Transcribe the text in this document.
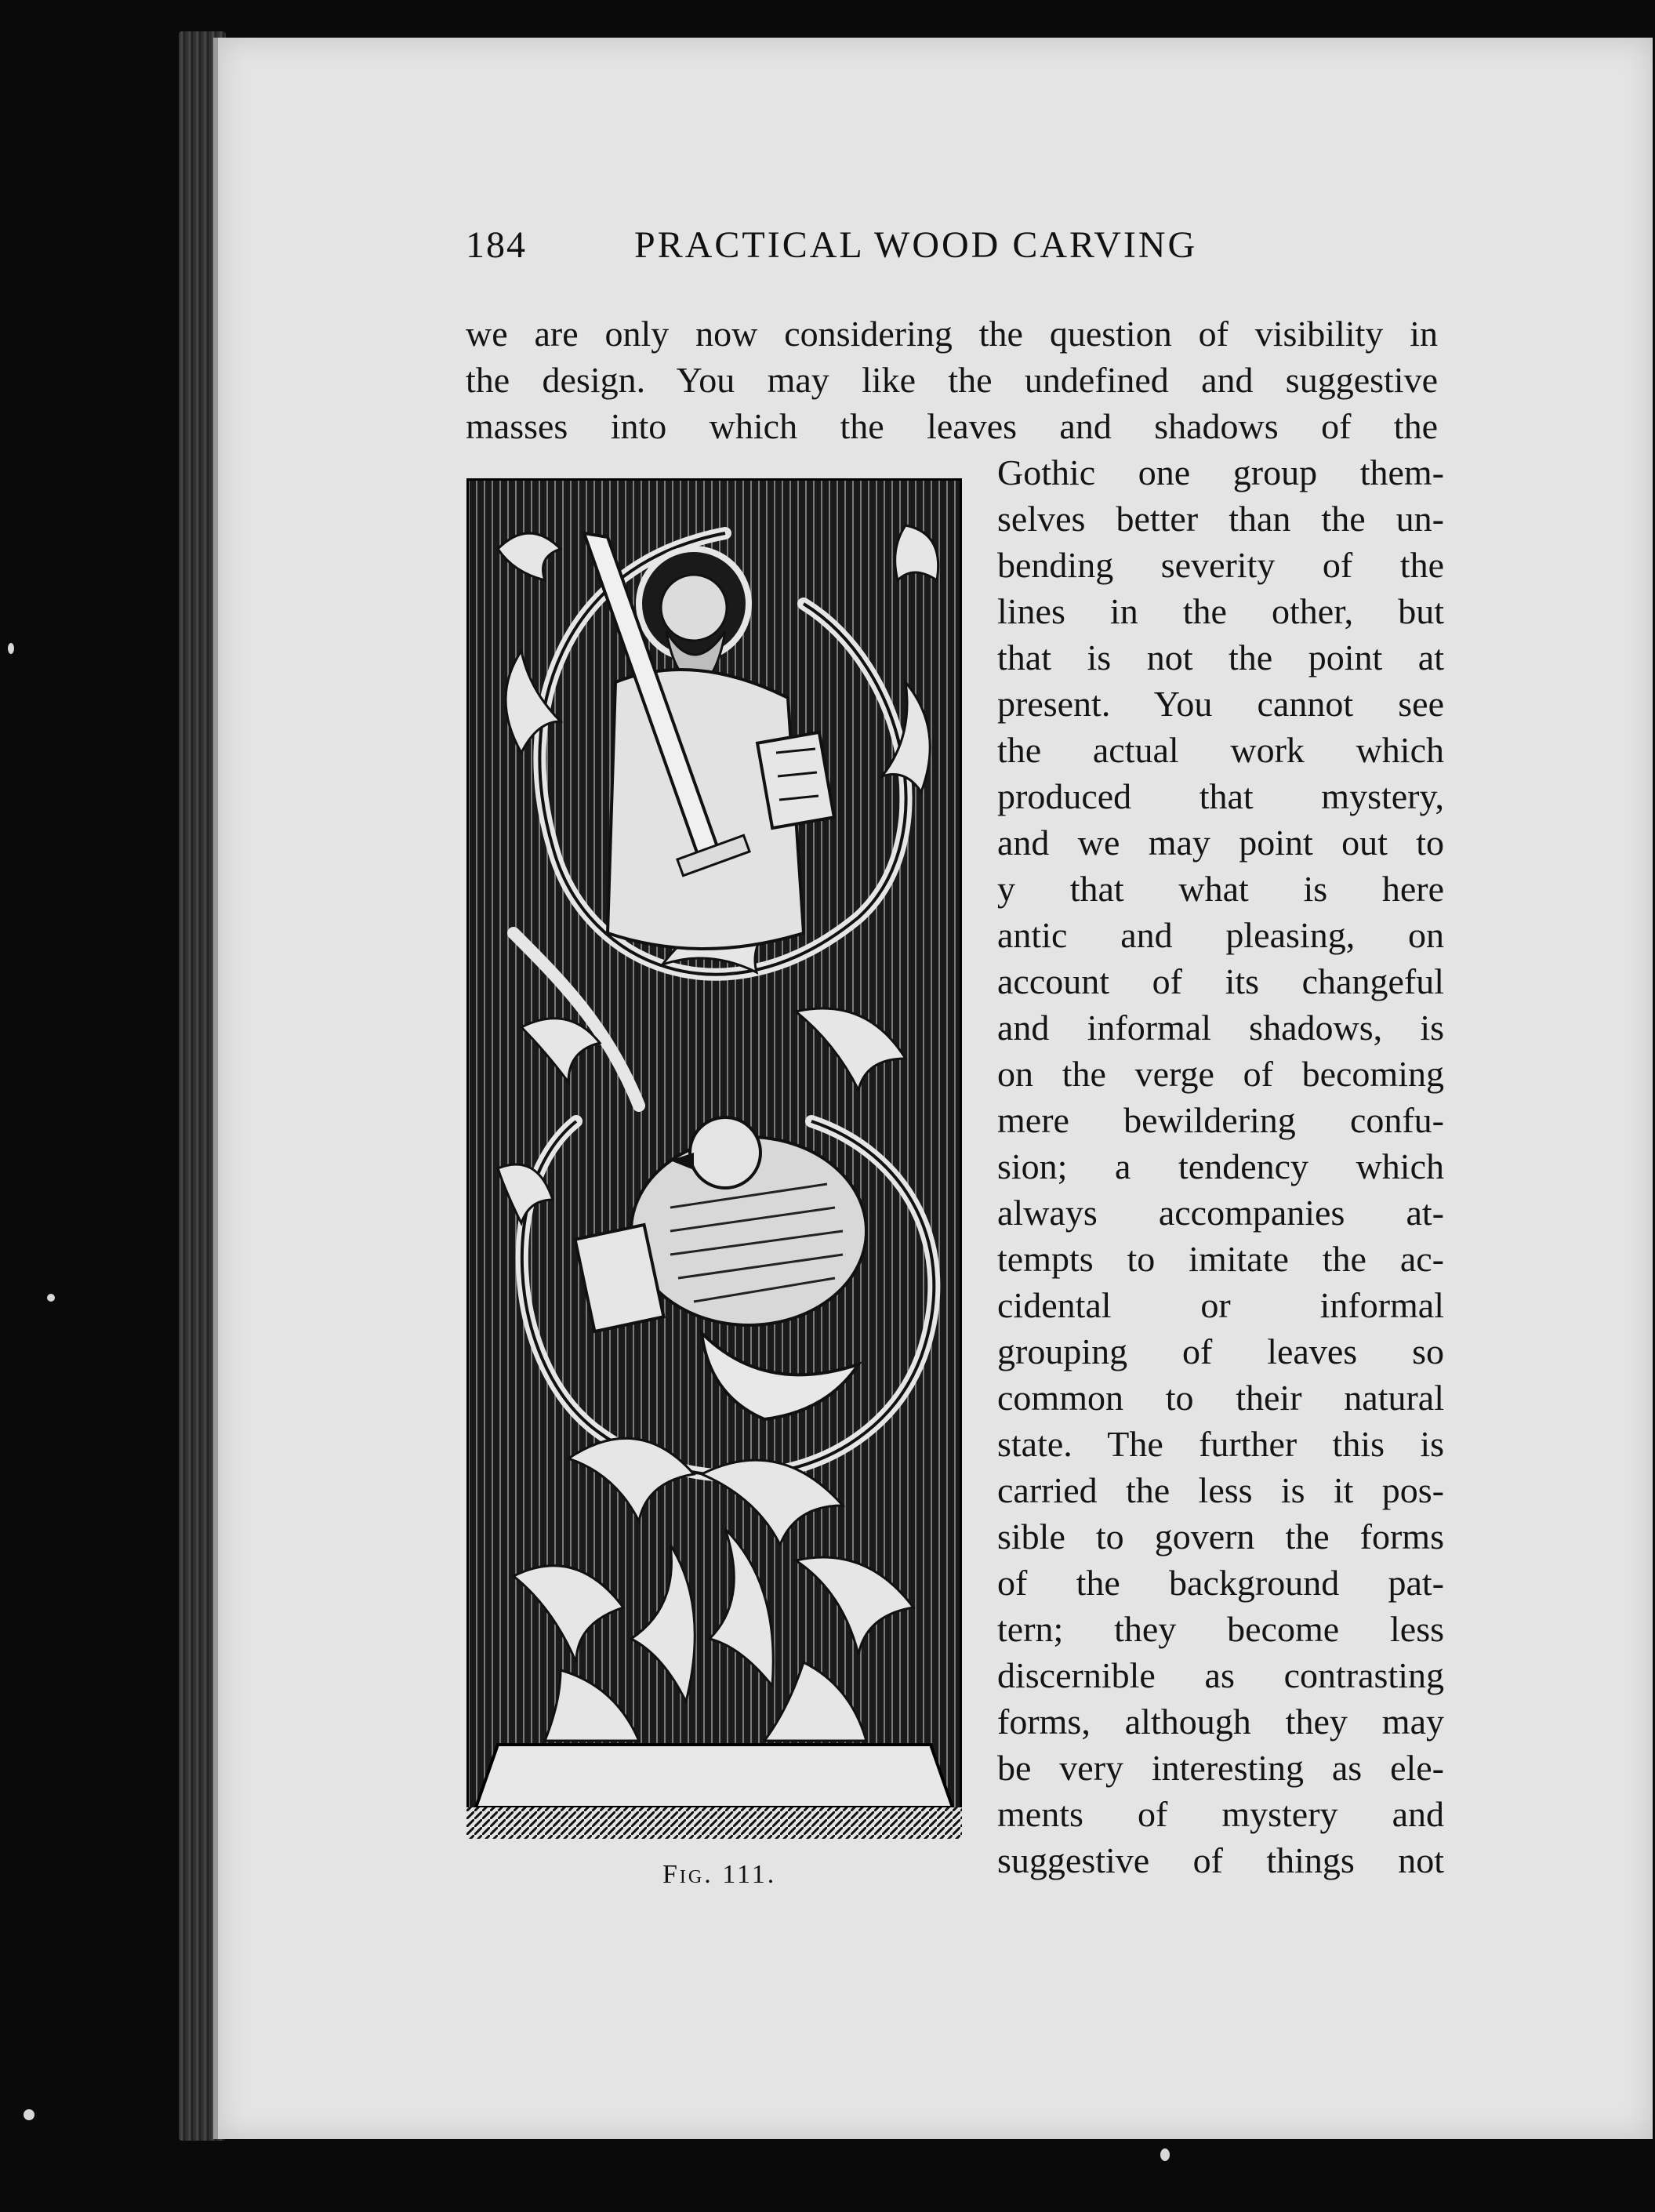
184	PRACTICAL WOOD CARVING
we are only now considering the question of visibility in
the design. You may like the undefined and suggestive
masses into which the leaves and shadows of the
Gothic one group them-
selves better than the un-
bending severity of the
lines in the other, but
that is not the point at
present. You cannot see
the actual work which
produced that mystery,
and we may point out to
y that what is here
antic and pleasing, on
account of its changeful
and informal shadows, is
on the verge of becoming
mere bewildering confu-
sion; a tendency which
always accompanies at-
tempts to imitate the ac-
cidental or informal
grouping of leaves so
common to their natural
state. The further this is
carried the less is it pos-
sible to govern the forms
of the background pat-
tern; they become less
discernible as contrasting
forms, although they may
be very interesting as ele-
ments of mystery and
suggestive of things not
Fig. 111.
